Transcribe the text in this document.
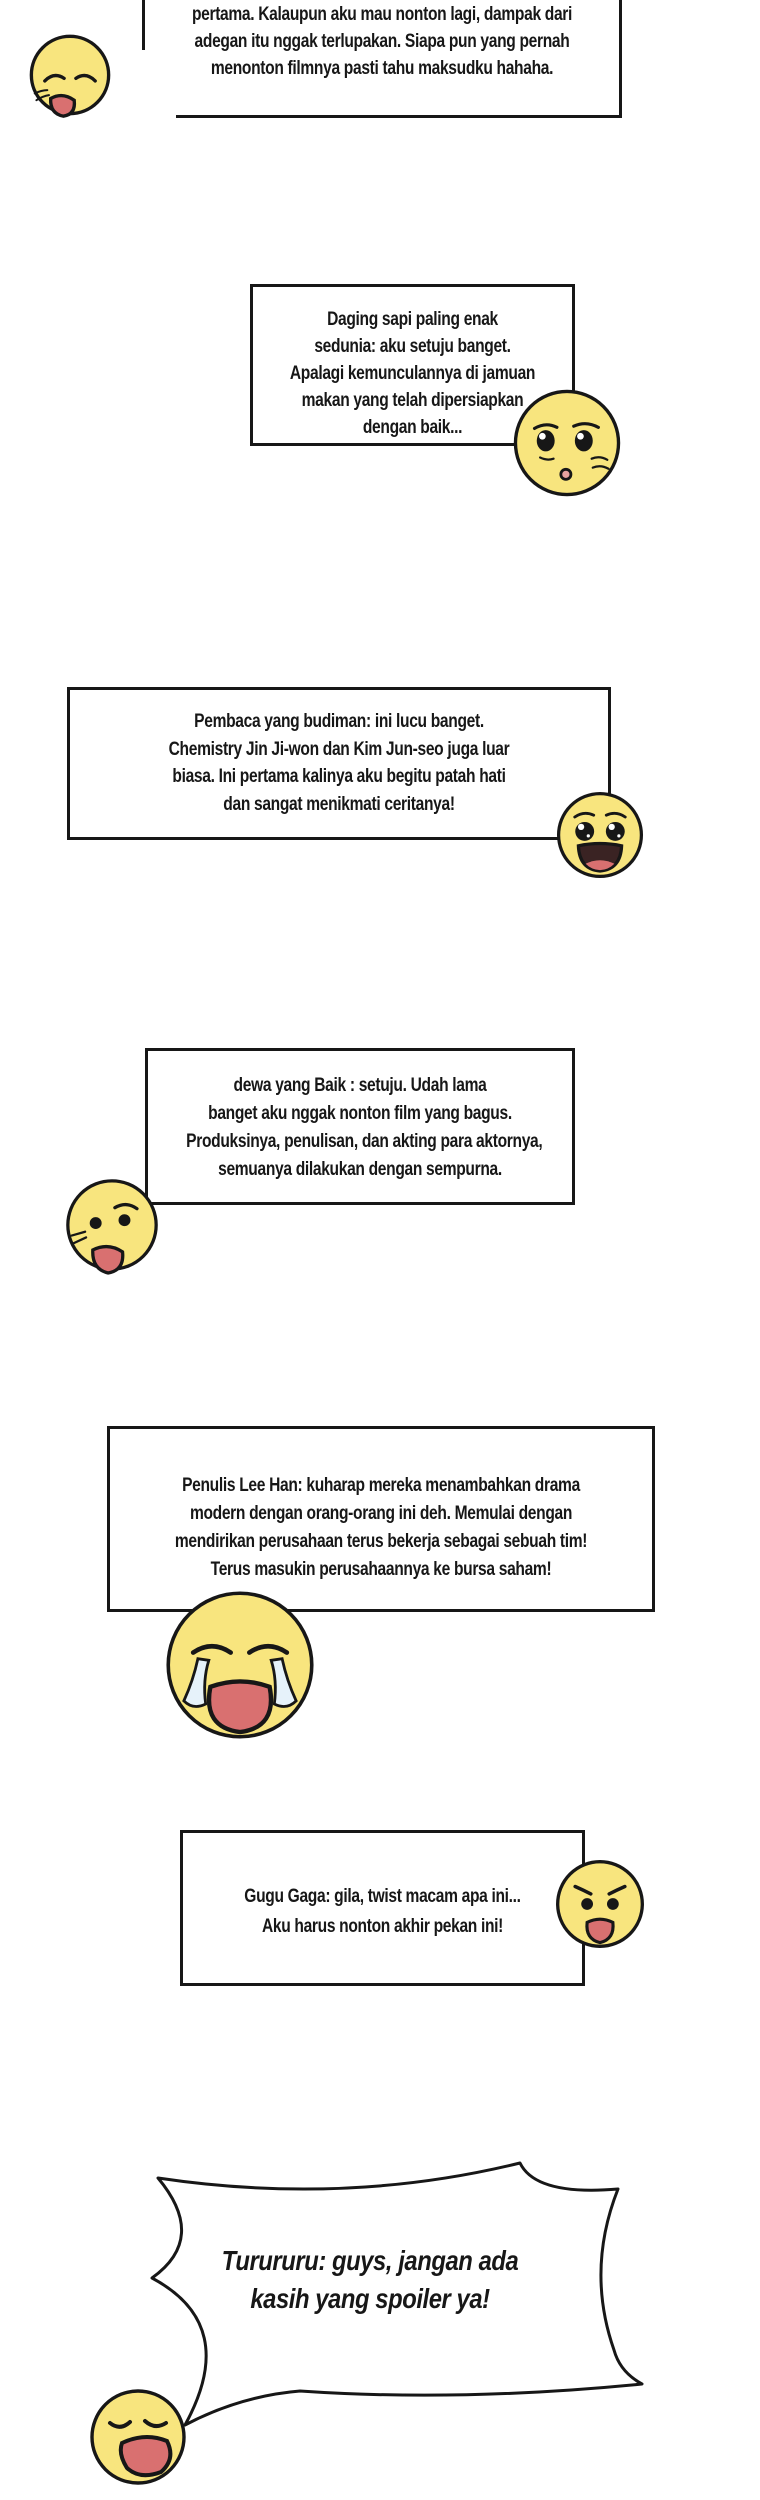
pertama. Kalaupun aku mau nonton lagi, dampak dari
adegan itu nggak terlupakan. Siapa pun yang pernah
menonton filmnya pasti tahu maksudku hahaha.
Daging sapi paling enak
sedunia: aku setuju banget.
Apalagi kemunculannya di jamuan
makan yang telah dipersiapkan
dengan baik...
Pembaca yang budiman: ini lucu banget.
Chemistry Jin Ji-won dan Kim Jun-seo juga luar
biasa. Ini pertama kalinya aku begitu patah hati
dan sangat menikmati ceritanya!
dewa yang Baik : setuju. Udah lama
banget aku nggak nonton film yang bagus.
Produksinya, penulisan, dan akting para aktornya,
semuanya dilakukan dengan sempurna.
Penulis Lee Han: kuharap mereka menambahkan drama
modern dengan orang-orang ini deh. Memulai dengan
mendirikan perusahaan terus bekerja sebagai sebuah tim!
Terus masukin perusahaannya ke bursa saham!
Gugu Gaga: gila, twist macam apa ini...
Aku harus nonton akhir pekan ini!
Turururu: guys, jangan ada
kasih yang spoiler ya!
